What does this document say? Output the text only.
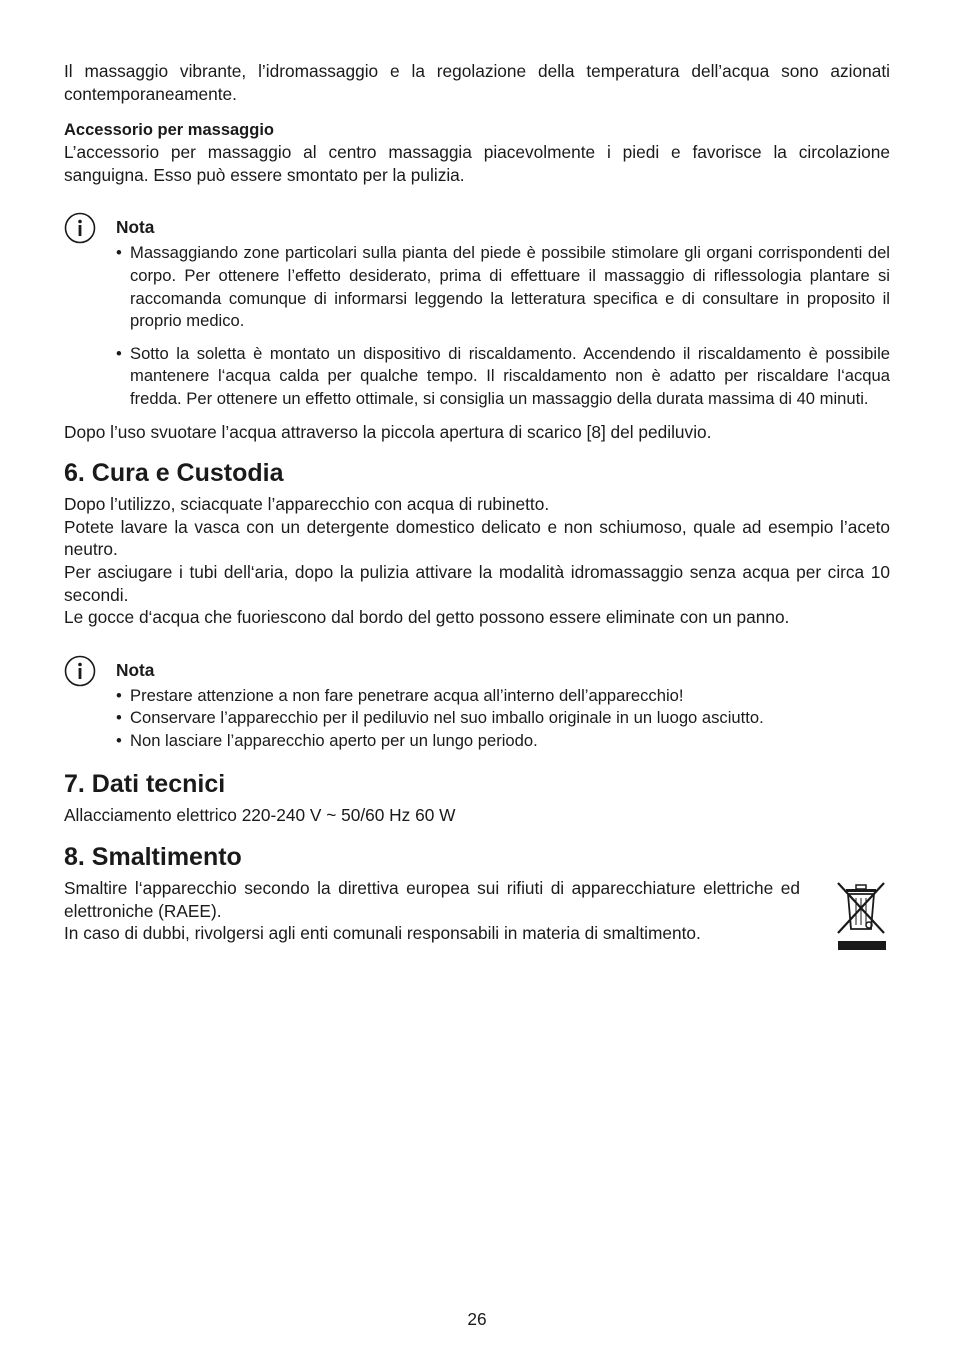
Il massaggio vibrante, l’idromassaggio e la regolazione della temperatura dell’acqua sono azionati contemporaneamente.

Accessorio per massaggio

L’accessorio per massaggio al centro massaggia piacevolmente i piedi e favorisce la circolazione sanguigna. Esso può essere smontato per la pulizia.

Nota
• Massaggiando zone particolari sulla pianta del piede è possibile stimolare gli organi corrispondenti del corpo. Per ottenere l’effetto desiderato, prima di effettuare il massaggio di riflessologia plantare si raccomanda comunque di informarsi leggendo la letteratura specifica e di consultare in proposito il proprio medico.
• Sotto la soletta è montato un dispositivo di riscaldamento. Accendendo il riscaldamento è possibile mantenere l‘acqua calda per qualche tempo. Il riscaldamento non è adatto per riscaldare l‘acqua fredda. Per ottenere un effetto ottimale, si consiglia un massaggio della durata massima di 40 minuti.

Dopo l’uso svuotare l’acqua attraverso la piccola apertura di scarico [8] del pediluvio.

6. Cura e Custodia

Dopo l’utilizzo, sciacquate l’apparecchio con acqua di rubinetto.

Potete lavare la vasca con un detergente domestico delicato e non schiumoso, quale ad esempio l’aceto neutro.

Per asciugare i tubi dell‘aria, dopo la pulizia attivare la modalità idromassaggio senza acqua per circa 10 secondi.

Le gocce d‘acqua che fuoriescono dal bordo del getto possono essere eliminate con un panno.

Nota
• Prestare attenzione a non fare penetrare acqua all’interno dell’apparecchio!
• Conservare l’apparecchio per il pediluvio nel suo imballo originale in un luogo asciutto.
• Non lasciare l’apparecchio aperto per un lungo periodo.
7. Dati tecnici

Allacciamento elettrico 220-240 V ~ 50/60 Hz 60 W

8. Smaltimento

Smaltire l‘apparecchio secondo la direttiva europea sui rifiuti di apparecchiature elettriche ed elettroniche (RAEE).

In caso di dubbi, rivolgersi agli enti comunali responsabili in materia di smaltimento.

26
